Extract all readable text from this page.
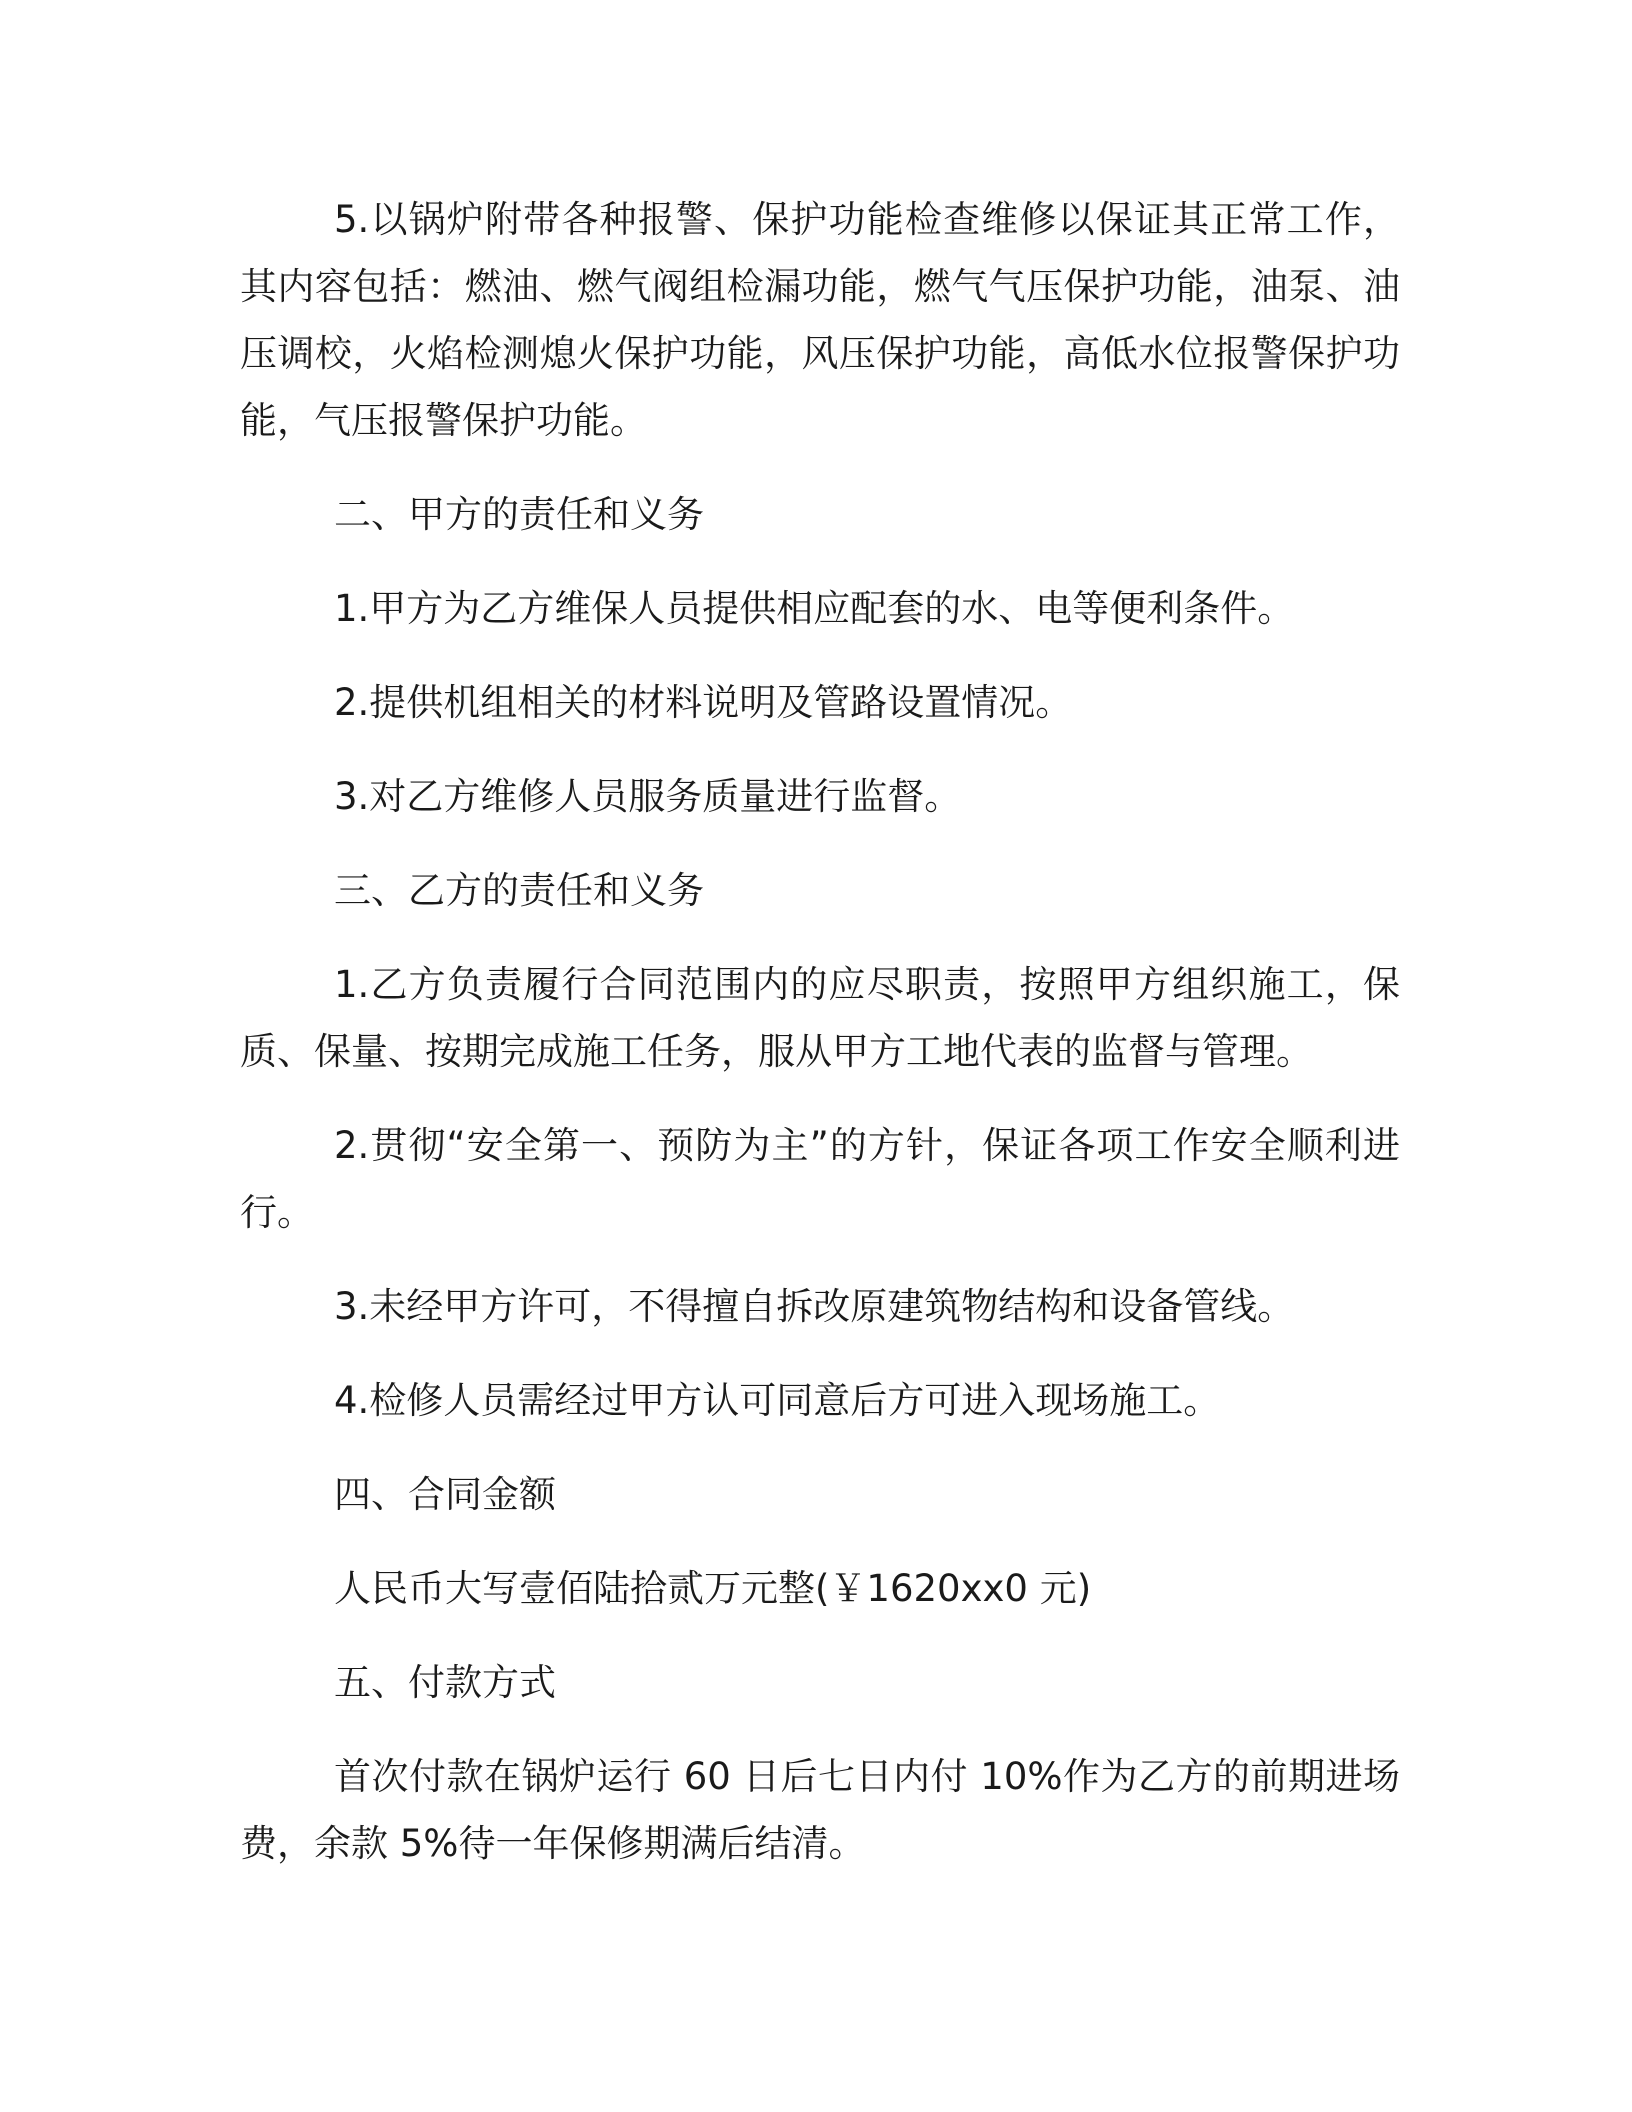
5.以锅炉附带各种报警、保护功能检查维修以保证其正常工作，其内容包括：燃油、燃气阀组检漏功能，燃气气压保护功能，油泵、油压调校，火焰检测熄火保护功能，风压保护功能，高低水位报警保护功能，气压报警保护功能。

二、甲方的责任和义务

1.甲方为乙方维保人员提供相应配套的水、电等便利条件。

2.提供机组相关的材料说明及管路设置情况。

3.对乙方维修人员服务质量进行监督。

三、乙方的责任和义务

1.乙方负责履行合同范围内的应尽职责，按照甲方组织施工，保质、保量、按期完成施工任务，服从甲方工地代表的监督与管理。

2.贯彻“安全第一、预防为主”的方针，保证各项工作安全顺利进行。

3.未经甲方许可，不得擅自拆改原建筑物结构和设备管线。

4.检修人员需经过甲方认可同意后方可进入现场施工。

四、合同金额

人民币大写壹佰陆拾贰万元整(￥1620xx0 元)

五、付款方式

首次付款在锅炉运行 60 日后七日内付 10%作为乙方的前期进场费，余款 5%待一年保修期满后结清。
